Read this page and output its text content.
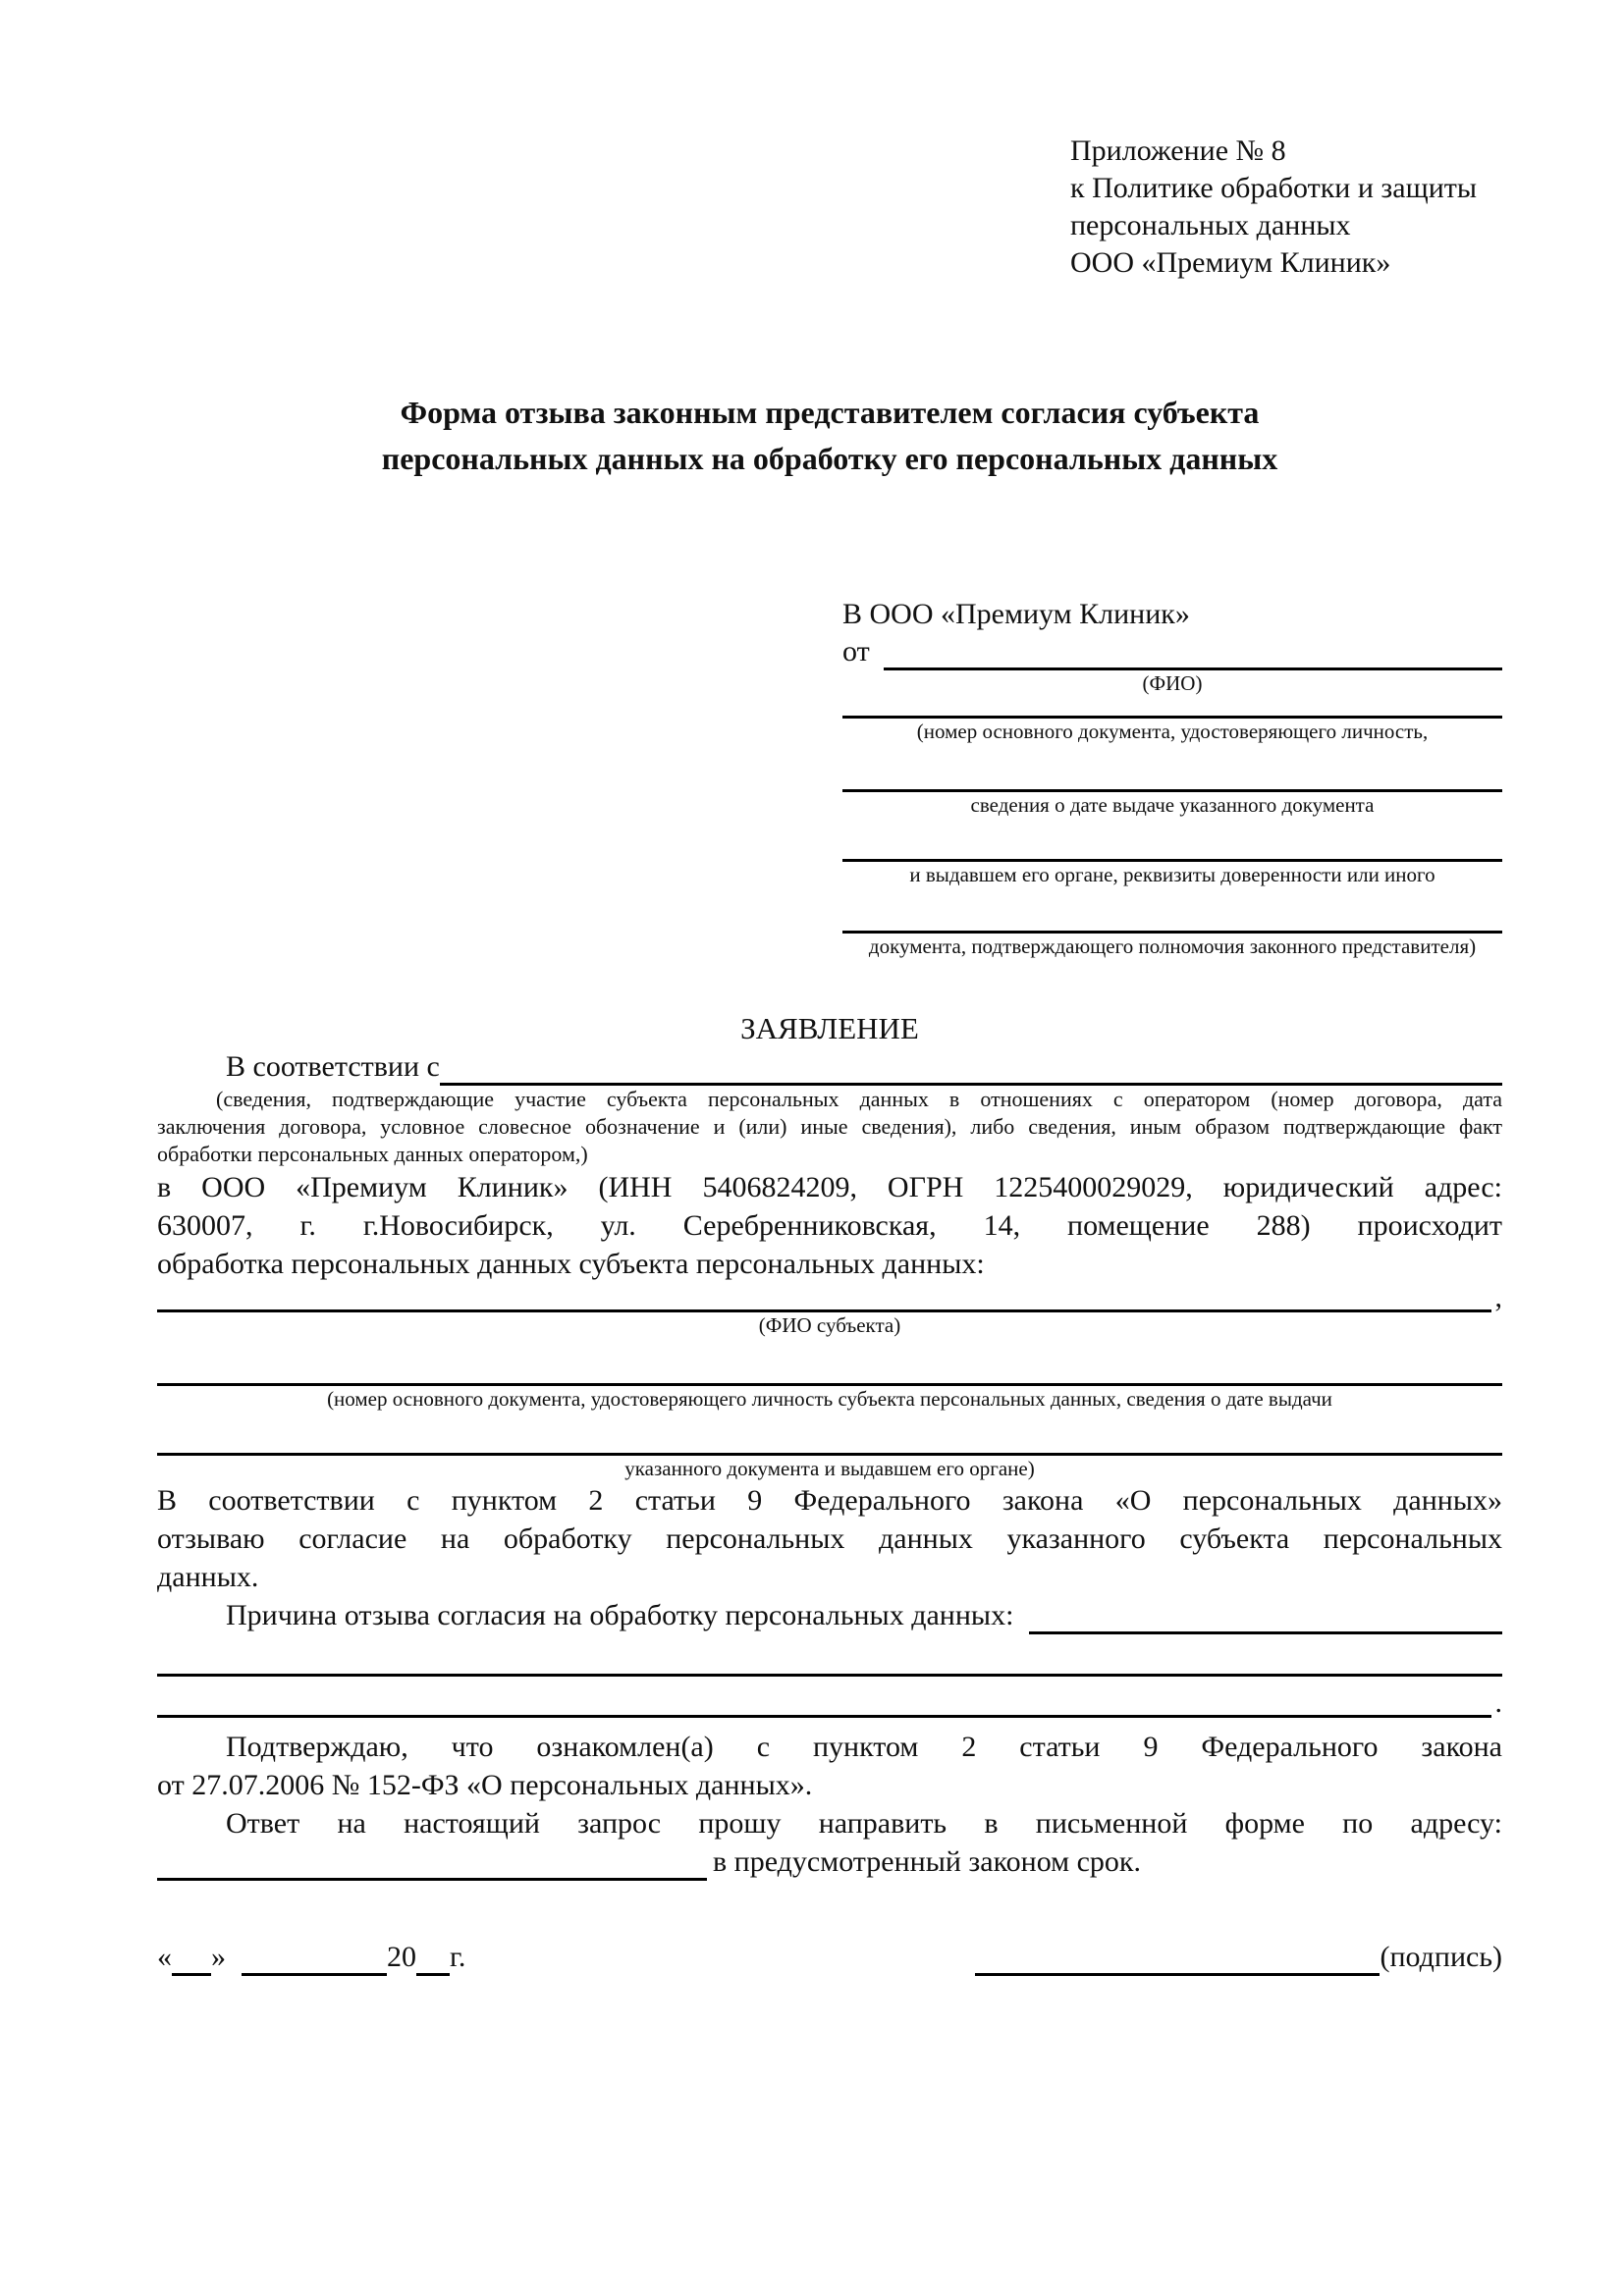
Приложение № 8
к Политике обработки и защиты
персональных данных
ООО «Премиум Клиник»
Форма отзыва законным представителем согласия субъекта
персональных данных на обработку его персональных данных
В ООО «Премиум Клиник»
от
(ФИО)
(номер основного документа, удостоверяющего личность,
сведения о дате выдаче указанного документа
и выдавшем его органе, реквизиты доверенности или иного
документа, подтверждающего полномочия законного представителя)
ЗАЯВЛЕНИЕ
В соответствии с
(сведения, подтверждающие участие субъекта персональных данных в отношениях с оператором (номер договора, дата
заключения договора, условное словесное обозначение и (или) иные сведения), либо сведения, иным образом подтверждающие факт
обработки персональных данных оператором,)
в ООО «Премиум Клиник» (ИНН 5406824209, ОГРН 1225400029029, юридический адрес:
630007, г. г.Новосибирск, ул. Серебренниковская, 14, помещение 288) происходит
обработка персональных данных субъекта персональных данных:
,
(ФИО субъекта)
(номер основного документа, удостоверяющего личность субъекта персональных данных, сведения о дате выдачи
указанного документа и выдавшем его органе)
В соответствии с пунктом 2 статьи 9 Федерального закона «О персональных данных»
отзываю согласие на обработку персональных данных указанного субъекта персональных
данных.
Причина отзыва согласия на обработку персональных данных:
.
Подтверждаю, что ознакомлен(а) с пунктом 2 статьи 9 Федерального закона
от 27.07.2006 № 152-ФЗ «О персональных данных».
Ответ на настоящий запрос прошу направить в письменной форме по адресу:
в предусмотренный законом срок.
« »	20 г.	(подпись)
